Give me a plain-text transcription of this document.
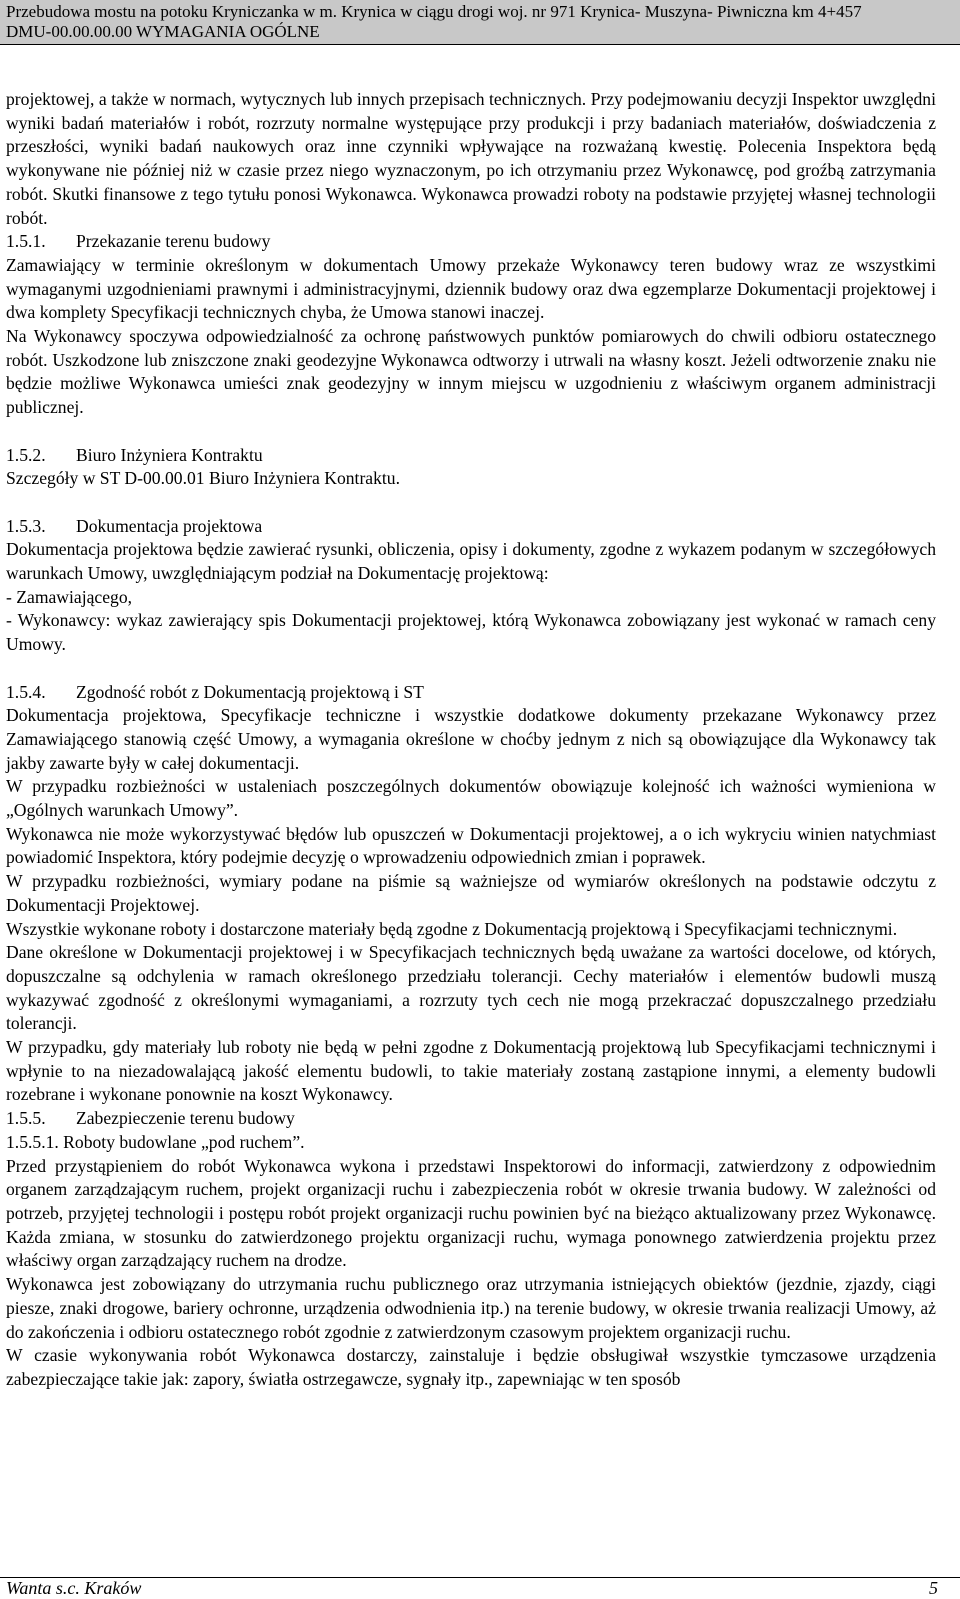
Przebudowa mostu na potoku Kryniczanka w m. Krynica w ciągu drogi woj. nr 971 Krynica- Muszyna- Piwniczna km 4+457
DMU-00.00.00.00 WYMAGANIA OGÓLNE

projektowej, a także w normach, wytycznych lub innych przepisach technicznych. Przy podejmowaniu decyzji Inspektor uwzględni wyniki badań materiałów i robót, rozrzuty normalne występujące przy produkcji i przy badaniach materiałów, doświadczenia z przeszłości, wyniki badań naukowych oraz inne czynniki wpływające na rozważaną kwestię. Polecenia Inspektora będą wykonywane nie później niż w czasie przez niego wyznaczonym, po ich otrzymaniu przez Wykonawcę, pod groźbą zatrzymania robót. Skutki finansowe z tego tytułu ponosi Wykonawca. Wykonawca prowadzi roboty na podstawie przyjętej własnej technologii robót.

1.5.1. Przekazanie terenu budowy

Zamawiający w terminie określonym w dokumentach Umowy przekaże Wykonawcy teren budowy wraz ze wszystkimi wymaganymi uzgodnieniami prawnymi i administracyjnymi, dziennik budowy oraz dwa egzemplarze Dokumentacji projektowej i dwa komplety Specyfikacji technicznych chyba, że Umowa stanowi inaczej.

Na Wykonawcy spoczywa odpowiedzialność za ochronę państwowych punktów pomiarowych do chwili odbioru ostatecznego robót. Uszkodzone lub zniszczone znaki geodezyjne Wykonawca odtworzy i utrwali na własny koszt. Jeżeli odtworzenie znaku nie będzie możliwe Wykonawca umieści znak geodezyjny w innym miejscu w uzgodnieniu z właściwym organem administracji publicznej.

1.5.2. Biuro Inżyniera Kontraktu

Szczegóły w ST D-00.00.01 Biuro Inżyniera Kontraktu.

1.5.3. Dokumentacja projektowa

Dokumentacja projektowa będzie zawierać rysunki, obliczenia, opisy i dokumenty, zgodne z wykazem podanym w szczegółowych warunkach Umowy, uwzględniającym podział na Dokumentację projektową:

- Zamawiającego,

- Wykonawcy: wykaz zawierający spis Dokumentacji projektowej, którą Wykonawca zobowiązany jest wykonać w ramach ceny Umowy.

1.5.4. Zgodność robót z Dokumentacją projektową i ST

Dokumentacja projektowa, Specyfikacje techniczne i wszystkie dodatkowe dokumenty przekazane Wykonawcy przez Zamawiającego stanowią część Umowy, a wymagania określone w choćby jednym z nich są obowiązujące dla Wykonawcy tak jakby zawarte były w całej dokumentacji.

W przypadku rozbieżności w ustaleniach poszczególnych dokumentów obowiązuje kolejność ich ważności wymieniona w „Ogólnych warunkach Umowy”.

Wykonawca nie może wykorzystywać błędów lub opuszczeń w Dokumentacji projektowej, a o ich wykryciu winien natychmiast powiadomić Inspektora, który podejmie decyzję o wprowadzeniu odpowiednich zmian i poprawek.

W przypadku rozbieżności, wymiary podane na piśmie są ważniejsze od wymiarów określonych na podstawie odczytu z Dokumentacji Projektowej.

Wszystkie wykonane roboty i dostarczone materiały będą zgodne z Dokumentacją projektową i Specyfikacjami technicznymi.

Dane określone w Dokumentacji projektowej i w Specyfikacjach technicznych będą uważane za wartości docelowe, od których, dopuszczalne są odchylenia w ramach określonego przedziału tolerancji. Cechy materiałów i elementów budowli muszą wykazywać zgodność z określonymi wymaganiami, a rozrzuty tych cech nie mogą przekraczać dopuszczalnego przedziału tolerancji.

W przypadku, gdy materiały lub roboty nie będą w pełni zgodne z Dokumentacją projektową lub Specyfikacjami technicznymi i wpłynie to na niezadowalającą jakość elementu budowli, to takie materiały zostaną zastąpione innymi, a elementy budowli rozebrane i wykonane ponownie na koszt Wykonawcy.

1.5.5. Zabezpieczenie terenu budowy

1.5.5.1. Roboty budowlane „pod ruchem”.

Przed przystąpieniem do robót Wykonawca wykona i przedstawi Inspektorowi do informacji, zatwierdzony z odpowiednim organem zarządzającym ruchem, projekt organizacji ruchu i zabezpieczenia robót w okresie trwania budowy. W zależności od potrzeb, przyjętej technologii i postępu robót projekt organizacji ruchu powinien być na bieżąco aktualizowany przez Wykonawcę. Każda zmiana, w stosunku do zatwierdzonego projektu organizacji ruchu, wymaga ponownego zatwierdzenia projektu przez właściwy organ zarządzający ruchem na drodze.

Wykonawca jest zobowiązany do utrzymania ruchu publicznego oraz utrzymania istniejących obiektów (jezdnie, zjazdy, ciągi piesze, znaki drogowe, bariery ochronne, urządzenia odwodnienia itp.) na terenie budowy, w okresie trwania realizacji Umowy, aż do zakończenia i odbioru ostatecznego robót zgodnie z zatwierdzonym czasowym projektem organizacji ruchu.

W czasie wykonywania robót Wykonawca dostarczy, zainstaluje i będzie obsługiwał wszystkie tymczasowe urządzenia zabezpieczające takie jak: zapory, światła ostrzegawcze, sygnały itp., zapewniając w ten sposób

Wanta s.c. Kraków	5
